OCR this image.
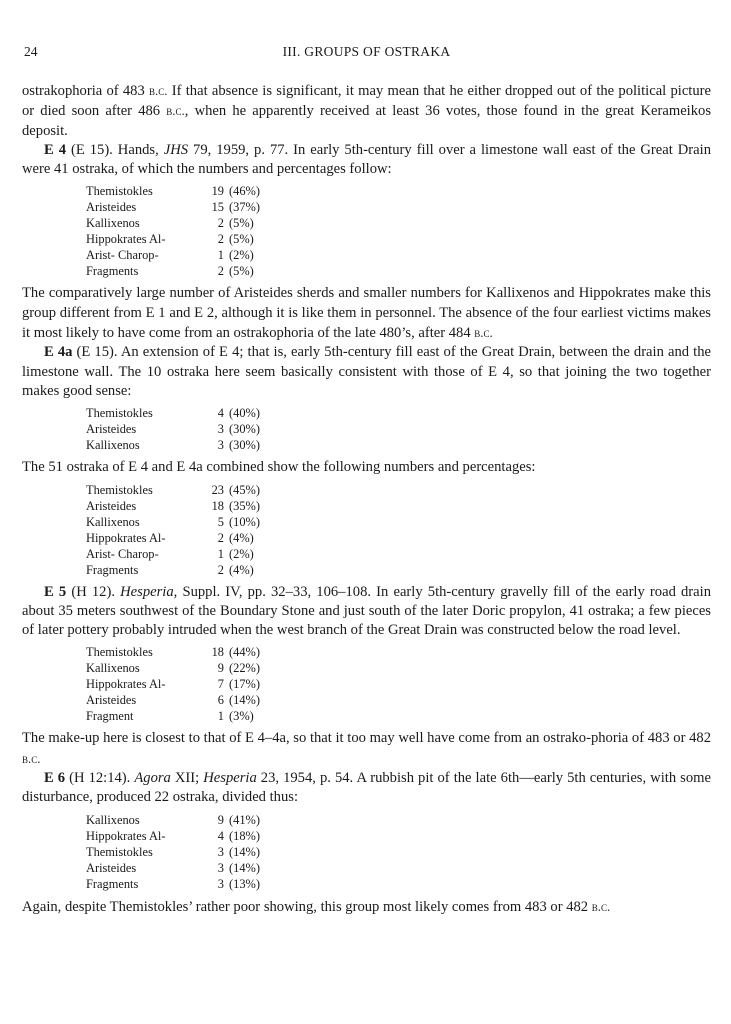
24	III. GROUPS OF OSTRAKA

ostrakophoria of 483 b.c. If that absence is significant, it may mean that he either dropped out of the political picture or died soon after 486 b.c., when he apparently received at least 36 votes, those found in the great Kerameikos deposit.

E 4 (E 15). Hands, JHS 79, 1959, p. 77. In early 5th-century fill over a limestone wall east of the Great Drain were 41 ostraka, of which the numbers and percentages follow:

Themistokles	19	(46%)
Aristeides	15	(37%)
Kallixenos	2	(5%)
Hippokrates Al-	2	(5%)
Arist- Charop-	1	(2%)
Fragments	2	(5%)

The comparatively large number of Aristeides sherds and smaller numbers for Kallixenos and Hippokrates make this group different from E 1 and E 2, although it is like them in personnel. The absence of the four earliest victims makes it most likely to have come from an ostrakophoria of the late 480’s, after 484 b.c.

E 4a (E 15). An extension of E 4; that is, early 5th-century fill east of the Great Drain, between the drain and the limestone wall. The 10 ostraka here seem basically consistent with those of E 4, so that joining the two together makes good sense:

Themistokles	4	(40%)
Aristeides	3	(30%)
Kallixenos	3	(30%)

The 51 ostraka of E 4 and E 4a combined show the following numbers and percentages:

Themistokles	23	(45%)
Aristeides	18	(35%)
Kallixenos	5	(10%)
Hippokrates Al-	2	(4%)
Arist- Charop-	1	(2%)
Fragments	2	(4%)

E 5 (H 12). Hesperia, Suppl. IV, pp. 32–33, 106–108. In early 5th-century gravelly fill of the early road drain about 35 meters southwest of the Boundary Stone and just south of the later Doric propylon, 41 ostraka; a few pieces of later pottery probably intruded when the west branch of the Great Drain was constructed below the road level.

Themistokles	18	(44%)
Kallixenos	9	(22%)
Hippokrates Al-	7	(17%)
Aristeides	6	(14%)
Fragment	1	(3%)

The make-up here is closest to that of E 4–4a, so that it too may well have come from an ostrako-phoria of 483 or 482 b.c.

E 6 (H 12:14). Agora XII; Hesperia 23, 1954, p. 54. A rubbish pit of the late 6th—early 5th centuries, with some disturbance, produced 22 ostraka, divided thus:

Kallixenos	9	(41%)
Hippokrates Al-	4	(18%)
Themistokles	3	(14%)
Aristeides	3	(14%)
Fragments	3	(13%)

Again, despite Themistokles’ rather poor showing, this group most likely comes from 483 or 482 b.c.
